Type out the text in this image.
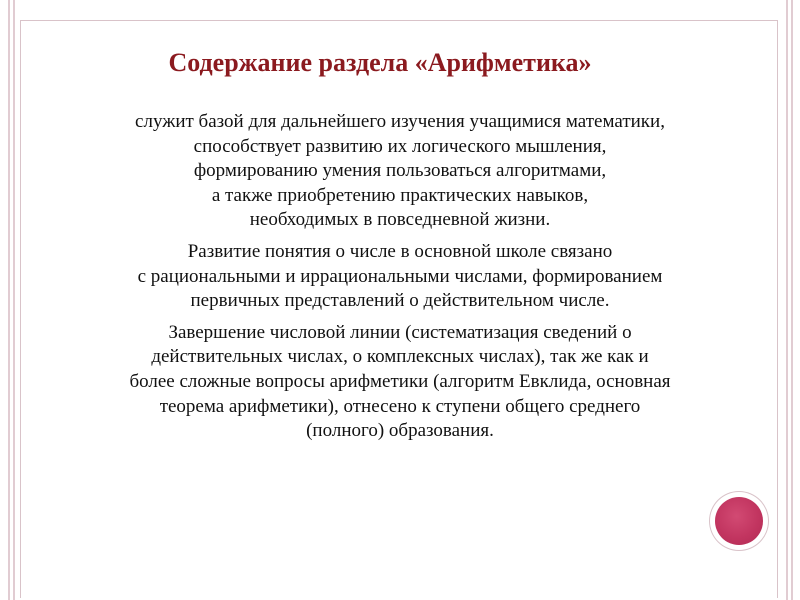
Содержание раздела «Арифметика»

служит базой для дальнейшего изучения учащимися математики,
способствует развитию их логического мышления,
формированию умения пользоваться алгоритмами,
а также приобретению практических навыков,
необходимых в повседневной жизни.

Развитие понятия о числе в основной школе связано
с рациональными и иррациональными числами, формированием
первичных представлений о действительном числе.

Завершение числовой линии (систематизация сведений о
действительных числах, о комплексных числах), так же как и
более сложные вопросы арифметики (алгоритм Евклида, основная
теорема арифметики), отнесено к ступени общего среднего
(полного) образования.
